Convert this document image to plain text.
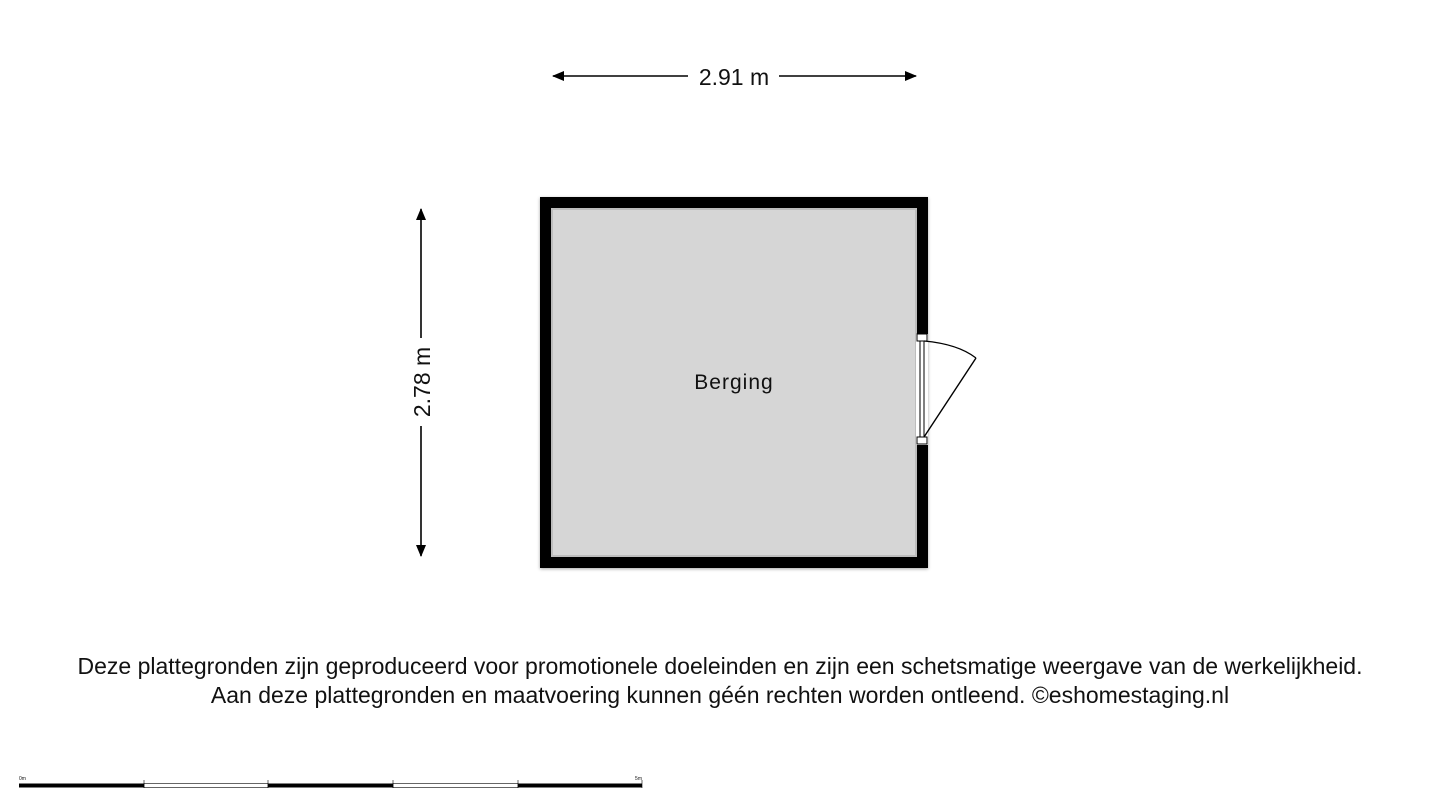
2.91 m
2.78 m	Berging
0m	5m
Deze plattegronden zijn geproduceerd voor promotionele doeleinden en zijn een schetsmatige weergave van de werkelijkheid.
Aan deze plattegronden en maatvoering kunnen géén rechten worden ontleend. ©eshomestaging.nl
